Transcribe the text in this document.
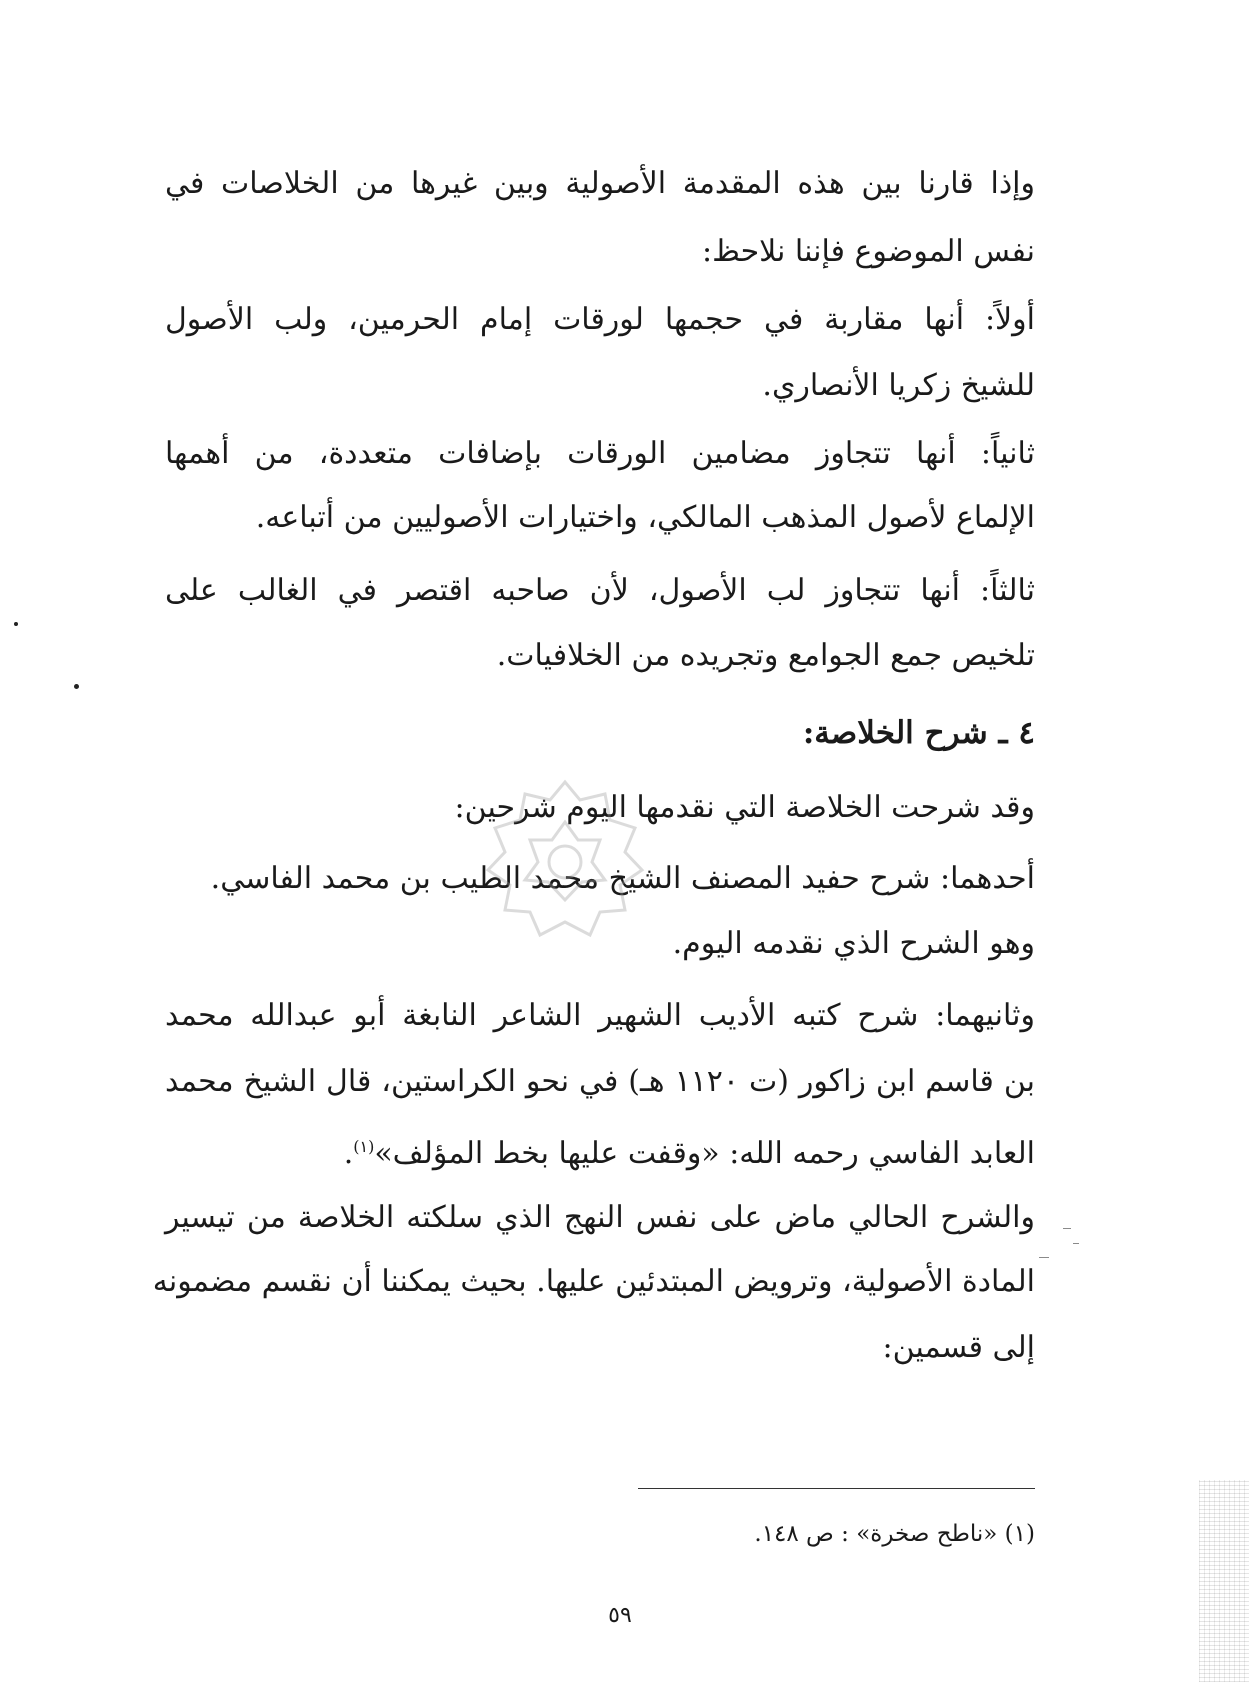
وإذا قارنا بين هذه المقدمة الأصولية وبين غيرها من الخلاصات في
نفس الموضوع فإننا نلاحظ:
أولاً: أنها مقاربة في حجمها لورقات إمام الحرمين، ولب الأصول
للشيخ زكريا الأنصاري.
ثانياً: أنها تتجاوز مضامين الورقات بإضافات متعددة، من أهمها
الإلماع لأصول المذهب المالكي، واختيارات الأصوليين من أتباعه.
ثالثاً: أنها تتجاوز لب الأصول، لأن صاحبه اقتصر في الغالب على
تلخيص جمع الجوامع وتجريده من الخلافيات.
٤ ـ شرح الخلاصة:
وقد شرحت الخلاصة التي نقدمها اليوم شرحين:
أحدهما: شرح حفيد المصنف الشيخ محمد الطيب بن محمد الفاسي.
وهو الشرح الذي نقدمه اليوم.
وثانيهما: شرح كتبه الأديب الشهير الشاعر النابغة أبو عبدالله محمد
بن قاسم ابن زاكور (ت ١١٢٠ هـ) في نحو الكراستين، قال الشيخ محمد
العابد الفاسي رحمه الله: «وقفت عليها بخط المؤلف»$^{(١)}$.
والشرح الحالي ماض على نفس النهج الذي سلكته الخلاصة من تيسير
المادة الأصولية، وترويض المبتدئين عليها. بحيث يمكننا أن نقسم مضمونه
إلى قسمين:
(١) «ناطح صخرة» : ص ١٤٨.
٥٩
